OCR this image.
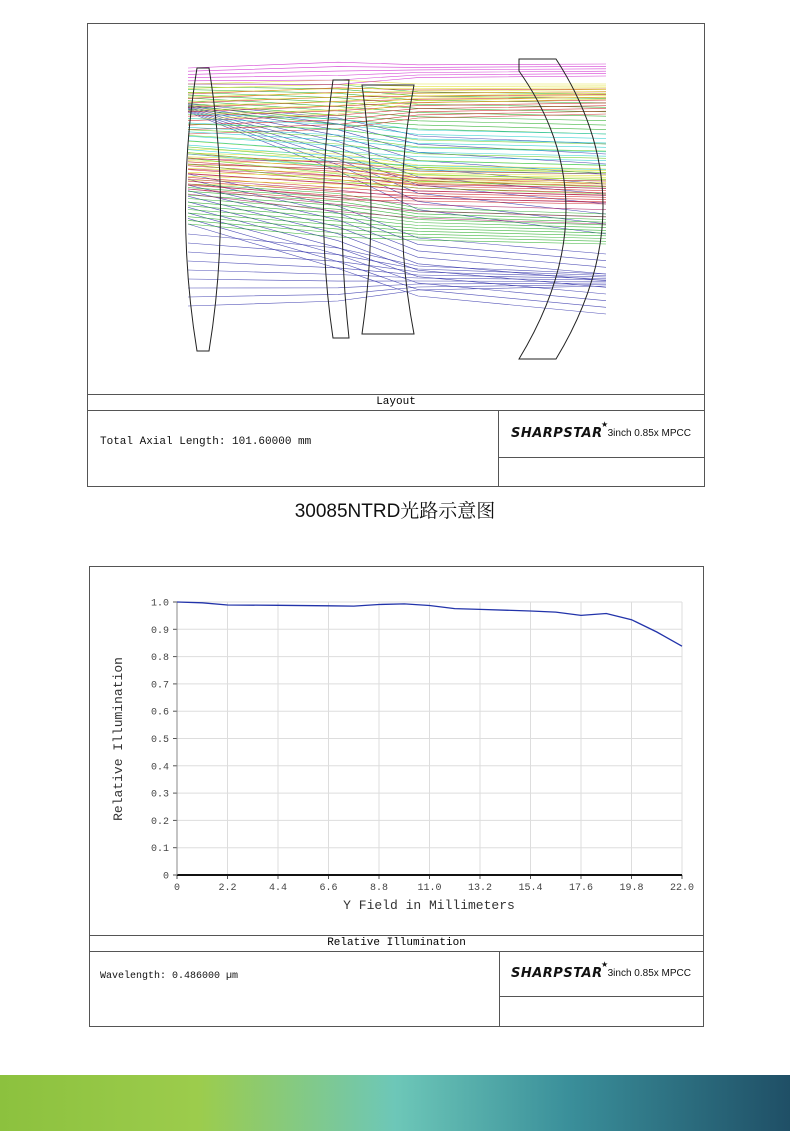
Layout
Total Axial Length: 101.60000 mm
SHARPSTAR
★
3inch 0.85x MPCC
30085NTRD光路示意图
0
0.1
0.2
0.3
0.4
0.5
0.6
0.7
0.8
0.9
1.0
0	2.2	4.4	6.6	8.8	11.0	13.2	15.4	17.6	19.8	22.0
Y Field in Millimeters
Relative Illumination
Relative Illumination
Wavelength: 0.486000 µm	SHARPSTAR
★
3inch 0.85x MPCC
